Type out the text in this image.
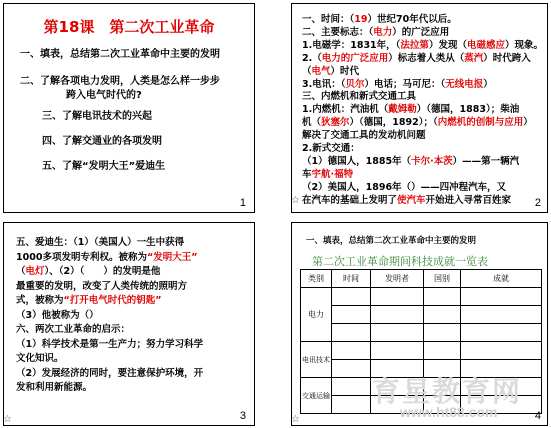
第18课　第二次工业革命
一、填表，总结第二次工业革命中主要的发明
二、了解各项电力发明，人类是怎么样一步步
跨入电气时代的?
三、了解电讯技术的兴起
四、了解交通业的各项发明
五、了解“发明大王”爱迪生
1
一、时间：（19）世纪70年代以后。
二、主要标志：（电力）的广泛应用
1.电磁学：1831年，（法拉第）发现（电磁感应）现象。
2.（电力的广泛应用）标志着人类从（蒸汽）时代跨入
（电气）时代
3.电讯：（贝尔）电话；马可尼：（无线电报）
三、内燃机和新式交通工具
1.内燃机：汽油机（戴姆勒）（德国，1883）；柴油
机（狄塞尔）（德国，1892）；（内燃机的创制与应用）
解决了交通工具的发动机问题
2.新式交通：
（1）德国人，1885年（卡尔·本茨）——第一辆汽
车宇航·福特
（2）美国人，1896年（）——四冲程汽车，又
在汽车的基础上发明了使汽车开始进入寻常百姓家 2
☆
五、爱迪生：（1）（美国人）一生中获得
1000多项发明专利权。被称为“发明大王”
（电灯）、（2）（　　）的发明是他
最重要的发明，改变了人类传统的照明方
式，被称为“打开电气时代的钥匙”
（3）他被称为（）
六、两次工业革命的启示：
（1）科学技术是第一生产力；努力学习科学
文化知识。
（2）发展经济的同时，要注意保护环境，开
发和利用新能源。
3
☆
一、填表，总结第二次工业革命中主要的发明
第二次工业革命期间科技成就一览表
类别	时间	发明者	国别	成就
电力				

电讯技术				

交通运输				

4
☆
育星教育网
www.ht88.com
